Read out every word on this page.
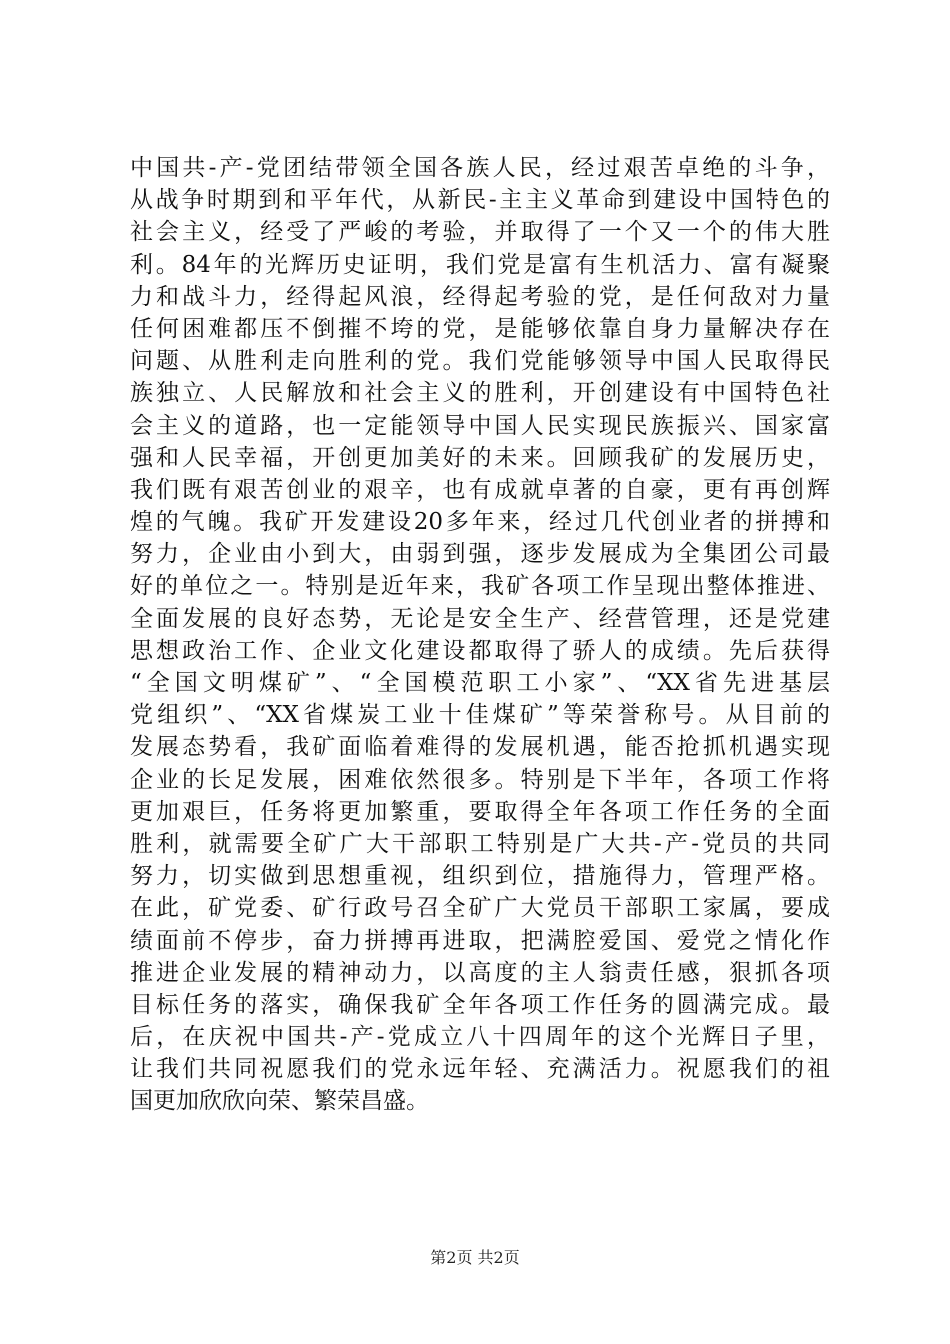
中国共-产-党团结带领全国各族人民，经过艰苦卓绝的斗争，
从战争时期到和平年代，从新民-主主义革命到建设中国特色的
社会主义，经受了严峻的考验，并取得了一个又一个的伟大胜
利。84年的光辉历史证明，我们党是富有生机活力、富有凝聚
力和战斗力，经得起风浪，经得起考验的党，是任何敌对力量
任何困难都压不倒摧不垮的党，是能够依靠自身力量解决存在
问题、从胜利走向胜利的党。我们党能够领导中国人民取得民
族独立、人民解放和社会主义的胜利，开创建设有中国特色社
会主义的道路，也一定能领导中国人民实现民族振兴、国家富
强和人民幸福，开创更加美好的未来。回顾我矿的发展历史，
我们既有艰苦创业的艰辛，也有成就卓著的自豪，更有再创辉
煌的气魄。我矿开发建设20多年来，经过几代创业者的拼搏和
努力，企业由小到大，由弱到强，逐步发展成为全集团公司最
好的单位之一。特别是近年来，我矿各项工作呈现出整体推进、
全面发展的良好态势，无论是安全生产、经营管理，还是党建
思想政治工作、企业文化建设都取得了骄人的成绩。先后获得
“全国文明煤矿”、“全国模范职工小家”、“XX省先进基层
党组织”、“XX省煤炭工业十佳煤矿”等荣誉称号。从目前的
发展态势看，我矿面临着难得的发展机遇，能否抢抓机遇实现
企业的长足发展，困难依然很多。特别是下半年，各项工作将
更加艰巨，任务将更加繁重，要取得全年各项工作任务的全面
胜利，就需要全矿广大干部职工特别是广大共-产-党员的共同
努力，切实做到思想重视，组织到位，措施得力，管理严格。
在此，矿党委、矿行政号召全矿广大党员干部职工家属，要成
绩面前不停步，奋力拼搏再进取，把满腔爱国、爱党之情化作
推进企业发展的精神动力，以高度的主人翁责任感，狠抓各项
目标任务的落实，确保我矿全年各项工作任务的圆满完成。最
后，在庆祝中国共-产-党成立八十四周年的这个光辉日子里，
让我们共同祝愿我们的党永远年轻、充满活力。祝愿我们的祖
国更加欣欣向荣、繁荣昌盛。
第2页 共2页
